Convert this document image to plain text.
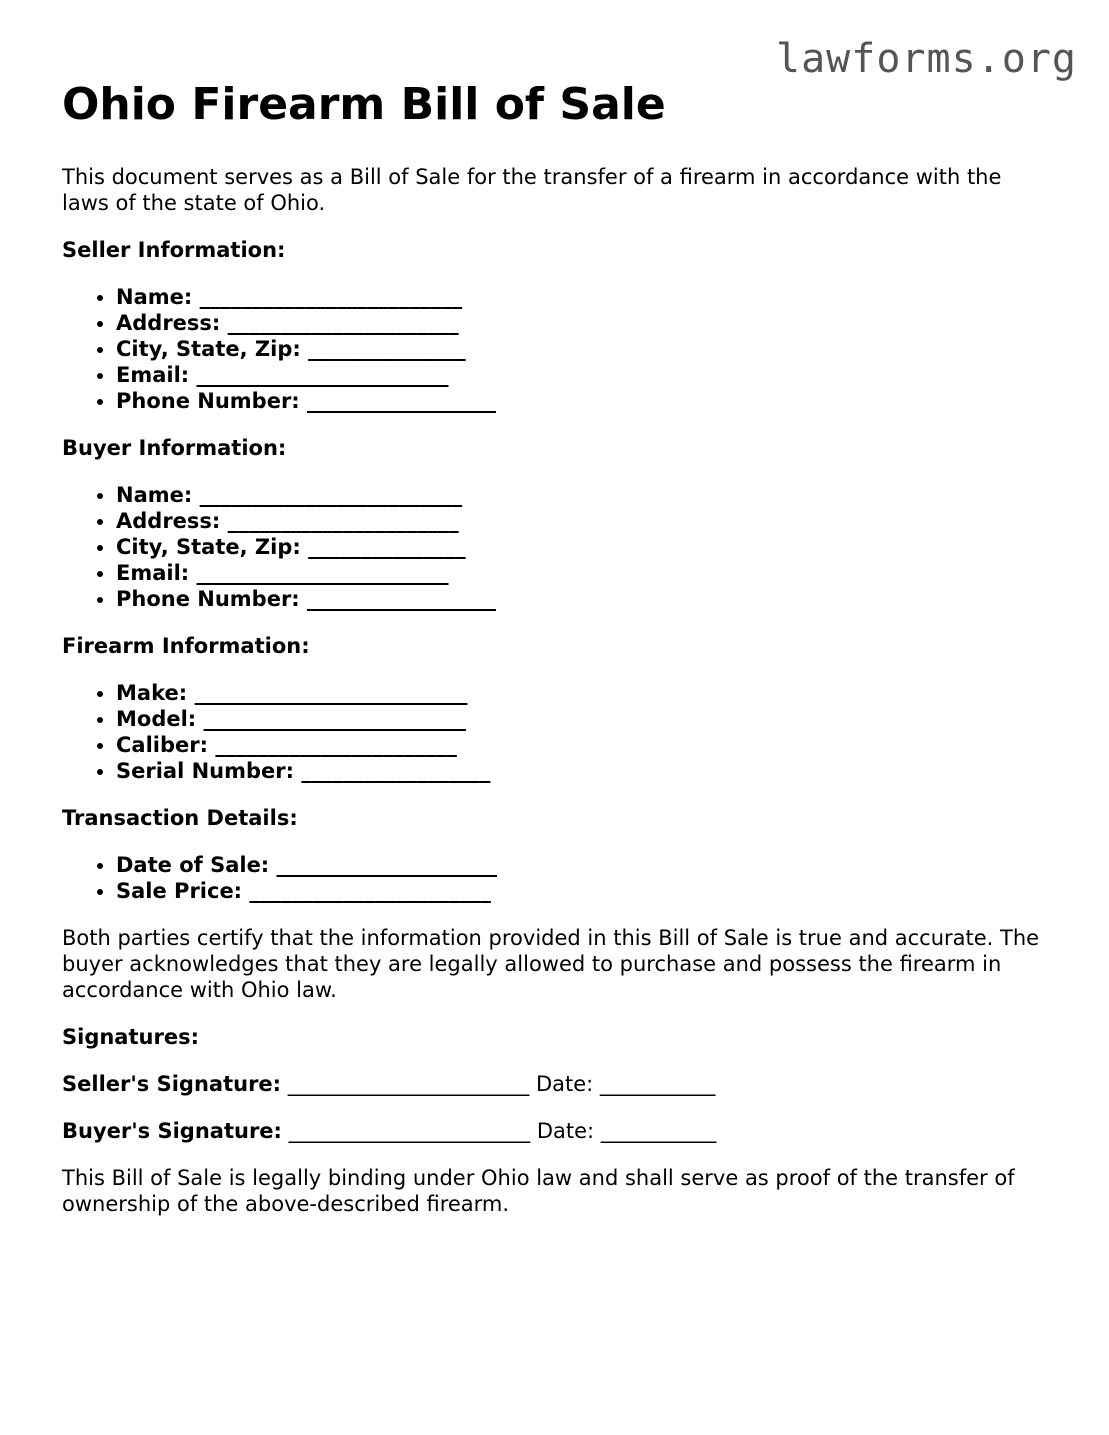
lawforms.org
Ohio Firearm Bill of Sale

This document serves as a Bill of Sale for the transfer of a firearm in accordance with the laws of the state of Ohio.

Seller Information:
• Name: _________________________
• Address: ______________________
• City, State, Zip: _______________
• Email: ________________________
• Phone Number: __________________
Buyer Information:
• Name: _________________________
• Address: ______________________
• City, State, Zip: _______________
• Email: ________________________
• Phone Number: __________________
Firearm Information:
• Make: __________________________
• Model: _________________________
• Caliber: _______________________
• Serial Number: __________________
Transaction Details:
• Date of Sale: _____________________
• Sale Price: _______________________

Both parties certify that the information provided in this Bill of Sale is true and accurate. The buyer acknowledges that they are legally allowed to purchase and possess the firearm in accordance with Ohio law.

Signatures:
Seller's Signature: _______________________ Date: ___________
Buyer's Signature: _______________________ Date: ___________

This Bill of Sale is legally binding under Ohio law and shall serve as proof of the transfer of ownership of the above-described firearm.
